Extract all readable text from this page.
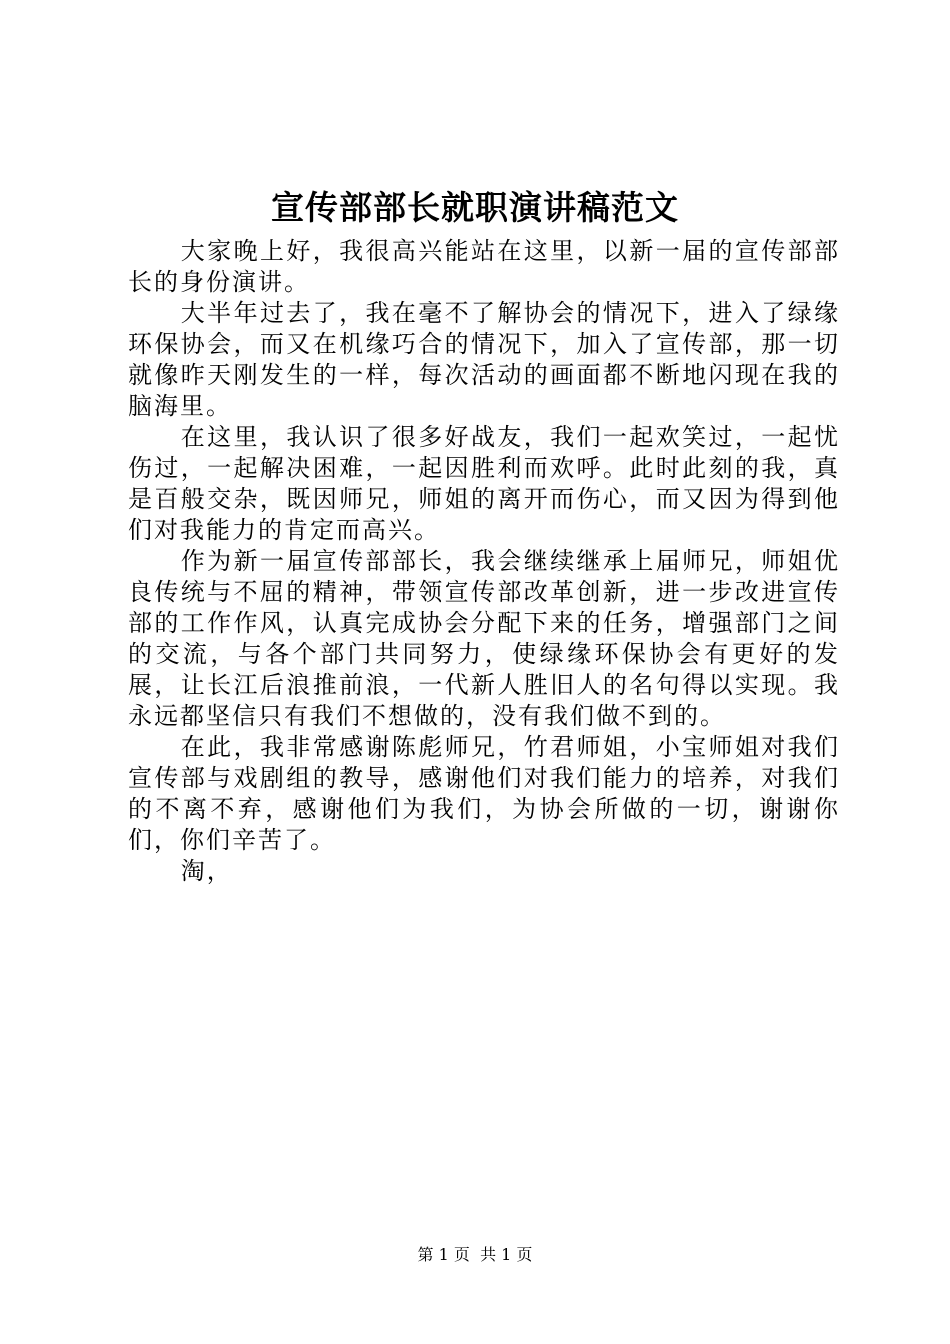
宣传部部长就职演讲稿范文

大家晚上好，我很高兴能站在这里，以新一届的宣传部部长的身份演讲。

大半年过去了，我在毫不了解协会的情况下，进入了绿缘环保协会，而又在机缘巧合的情况下，加入了宣传部，那一切就像昨天刚发生的一样，每次活动的画面都不断地闪现在我的脑海里。

在这里，我认识了很多好战友，我们一起欢笑过，一起忧伤过，一起解决困难，一起因胜利而欢呼。此时此刻的我，真是百般交杂，既因师兄，师姐的离开而伤心，而又因为得到他们对我能力的肯定而高兴。

作为新一届宣传部部长，我会继续继承上届师兄，师姐优良传统与不屈的精神，带领宣传部改革创新，进一步改进宣传部的工作作风，认真完成协会分配下来的任务，增强部门之间的交流，与各个部门共同努力，使绿缘环保协会有更好的发展，让长江后浪推前浪，一代新人胜旧人的名句得以实现。我永远都坚信只有我们不想做的，没有我们做不到的。

在此，我非常感谢陈彪师兄，竹君师姐，小宝师姐对我们宣传部与戏剧组的教导，感谢他们对我们能力的培养，对我们的不离不弃，感谢他们为我们，为协会所做的一切，谢谢你们，你们辛苦了。

淘，

第 1 页 共 1 页
